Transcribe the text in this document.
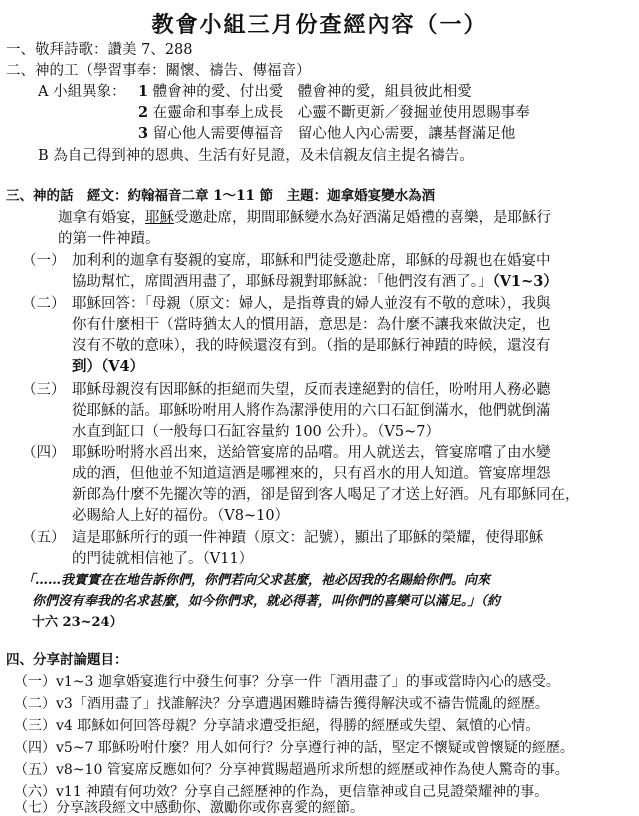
教會小組三月份查經內容（一）
一、敬拜詩歌：讚美 7、288
二、神的工（學習事奉：關懷、禱告、傳福音）
A 小組異象： 1 體會神的愛、付出愛　體會神的愛，組員彼此相愛
2 在靈命和事奉上成長　心靈不斷更新／發掘並使用恩賜事奉
3 留心他人需要傳福音　留心他人內心需要，讓基督滿足他
B 為自己得到神的恩典、生活有好見證，及未信親友信主提名禱告。
三、神的話　經文：約翰福音二章 1～11 節　主題：迦拿婚宴變水為酒
迦拿有婚宴，耶穌受邀赴席，期間耶穌變水為好酒滿足婚禮的喜樂，是耶穌行
的第一件神蹟。
（一） 加利利的迦拿有娶親的宴席，耶穌和門徒受邀赴席，耶穌的母親也在婚宴中
協助幫忙，席間酒用盡了，耶穌母親對耶穌說：「他們沒有酒了。」（V1~3）
（二） 耶穌回答：「母親（原文：婦人，是指尊貴的婦人並沒有不敬的意味），我與
你有什麼相干（當時猶太人的慣用語，意思是：為什麼不讓我來做決定，也
沒有不敬的意味），我的時候還沒有到。（指的是耶穌行神蹟的時候，還沒有
到）（V4）
（三） 耶穌母親沒有因耶穌的拒絕而失望，反而表達絕對的信任，吩咐用人務必聽
從耶穌的話。耶穌吩咐用人將作為潔淨使用的六口石缸倒滿水，他們就倒滿
水直到缸口（一般每口石缸容量約 100 公升）。（V5~7）
（四） 耶穌吩咐將水舀出來，送給管宴席的品嚐。用人就送去，管宴席嚐了由水變
成的酒，但他並不知道這酒是哪裡來的，只有舀水的用人知道。管宴席埋怨
新郎為什麼不先擺次等的酒，卻是留到客人喝足了才送上好酒。凡有耶穌同在，
必賜給人上好的福份。（V8~10）
（五） 這是耶穌所行的頭一件神蹟（原文：記號），顯出了耶穌的榮耀，使得耶穌
的門徒就相信祂了。（V11）
「……我實實在在地告訴你們，你們若向父求甚麼，祂必因我的名賜給你們。向來
你們沒有奉我的名求甚麼，如今你們求，就必得著，叫你們的喜樂可以滿足。」（約
十六 23~24）
四、分享討論題目：
（一）v1~3 迦拿婚宴進行中發生何事？分享一件「酒用盡了」的事或當時內心的感受。
（二）v3「酒用盡了」找誰解決？分享遭遇困難時禱告獲得解決或不禱告慌亂的經歷。
（三）v4 耶穌如何回答母親？分享請求遭受拒絕，得勝的經歷或失望、氣憤的心情。
（四）v5~7 耶穌吩咐什麼？用人如何行？分享遵行神的話，堅定不懷疑或曾懷疑的經歷。
（五）v8~10 管宴席反應如何？分享神賞賜超過所求所想的經歷或神作為使人驚奇的事。
（六）v11 神蹟有何功效？分享自己經歷神的作為，更信靠神或自己見證榮耀神的事。
（七）分享該段經文中感動你、激勵你或你喜愛的經節。
